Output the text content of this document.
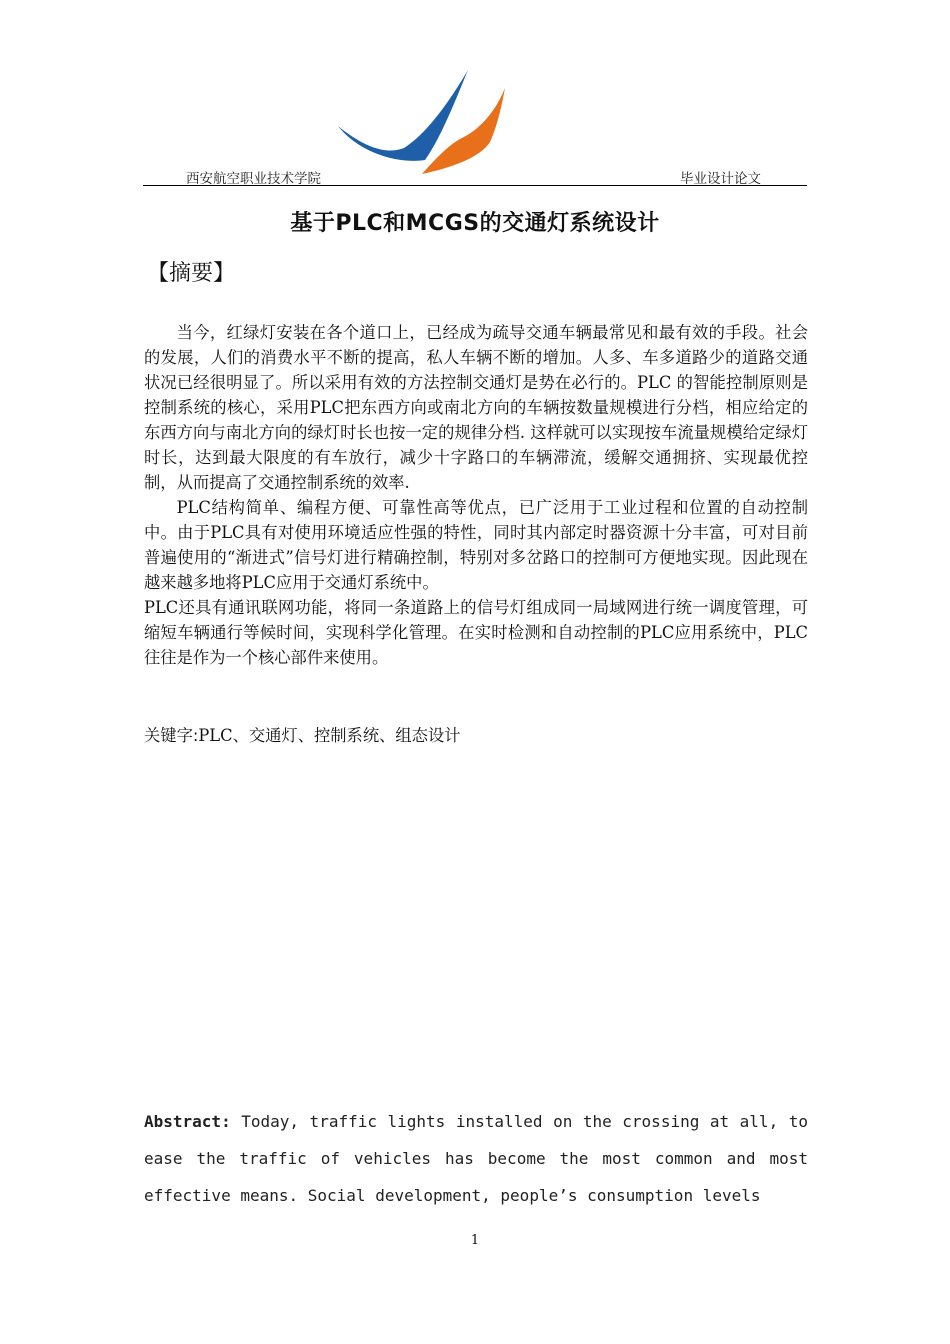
西安航空职业技术学院	毕业设计论文
基于PLC和MCGS的交通灯系统设计
【摘要】

当今，红绿灯安装在各个道口上，已经成为疏导交通车辆最常见和最有效的手段。社会的发展，人们的消费水平不断的提高，私人车辆不断的增加。人多、车多道路少的道路交通状况已经很明显了。所以采用有效的方法控制交通灯是势在必行的。PLC 的智能控制原则是控制系统的核心，采用PLC把东西方向或南北方向的车辆按数量规模进行分档，相应给定的东西方向与南北方向的绿灯时长也按一定的规律分档. 这样就可以实现按车流量规模给定绿灯时长，达到最大限度的有车放行，减少十字路口的车辆滞流，缓解交通拥挤、实现最优控制，从而提高了交通控制系统的效率.

PLC结构简单、编程方便、可靠性高等优点，已广泛用于工业过程和位置的自动控制中。由于PLC具有对使用环境适应性强的特性，同时其内部定时器资源十分丰富，可对目前普遍使用的“渐进式”信号灯进行精确控制，特别对多岔路口的控制可方便地实现。因此现在越来越多地将PLC应用于交通灯系统中。

PLC还具有通讯联网功能，将同一条道路上的信号灯组成同一局域网进行统一调度管理，可缩短车辆通行等候时间，实现科学化管理。在实时检测和自动控制的PLC应用系统中，PLC往往是作为一个核心部件来使用。

关键字:PLC、交通灯、控制系统、组态设计
Abstract: Today, traffic lights installed on the crossing at all, to ease the traffic of vehicles has become the most common and most effective means. Social development, people’s consumption levels
1
